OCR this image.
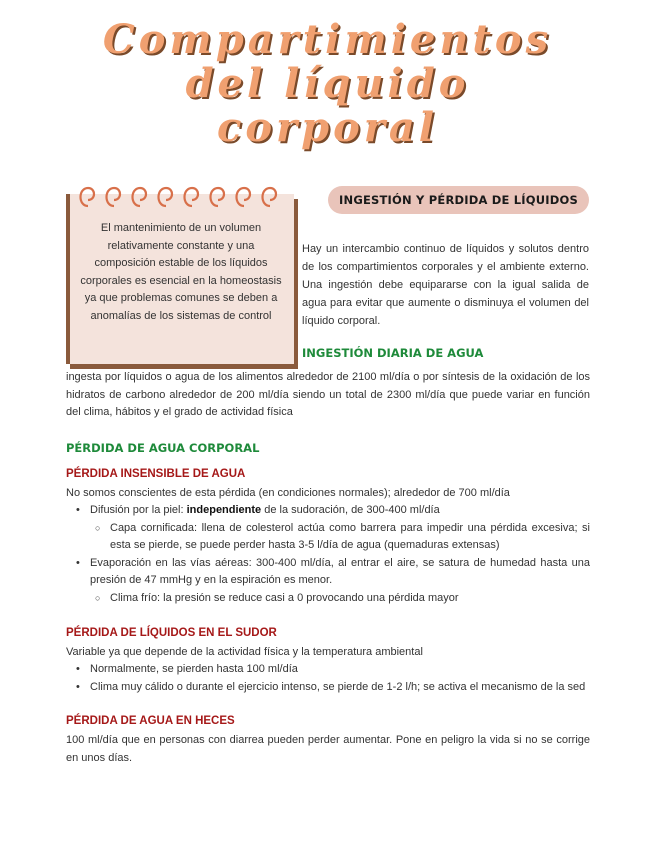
Compartimientos
del líquido
corporal
El mantenimiento de un volumen relativamente constante y una composición estable de los líquidos corporales es esencial en la homeostasis ya que problemas comunes se deben a anomalías de los sistemas de control
INGESTIÓN Y PÉRDIDA DE LÍQUIDOS
Hay un intercambio continuo de líquidos y solutos dentro de los compartimientos corporales y el ambiente externo. Una ingestión debe equipararse con la igual salida de agua para evitar que aumente o disminuya el volumen del líquido corporal.
INGESTIÓN DIARIA DE AGUA
ingesta por líquidos o agua de los alimentos alrededor de 2100 ml/día o por síntesis de la oxidación de los hidratos de carbono alrededor de 200 ml/día siendo un total de 2300 ml/día que puede variar en función del clima, hábitos y el grado de actividad física
PÉRDIDA DE AGUA CORPORAL
PÉRDIDA INSENSIBLE DE AGUA
No somos conscientes de esta pérdida (en condiciones normales); alrededor de 700 ml/día
• Difusión por la piel: independiente de la sudoración, de 300-400 ml/día
○ Capa cornificada: llena de colesterol actúa como barrera para impedir una pérdida excesiva; si esta se pierde, se puede perder hasta 3-5 l/día de agua (quemaduras extensas)
• Evaporación en las vías aéreas: 300-400 ml/día, al entrar el aire, se satura de humedad hasta una presión de 47 mmHg y en la espiración es menor.
○ Clima frío: la presión se reduce casi a 0 provocando una pérdida mayor
PÉRDIDA DE LÍQUIDOS EN EL SUDOR
Variable ya que depende de la actividad física y la temperatura ambiental
• Normalmente, se pierden hasta 100 ml/día
• Clima muy cálido o durante el ejercicio intenso, se pierde de 1-2 l/h; se activa el mecanismo de la sed
PÉRDIDA DE AGUA EN HECES
100 ml/día que en personas con diarrea pueden perder aumentar. Pone en peligro la vida si no se corrige en unos días.
